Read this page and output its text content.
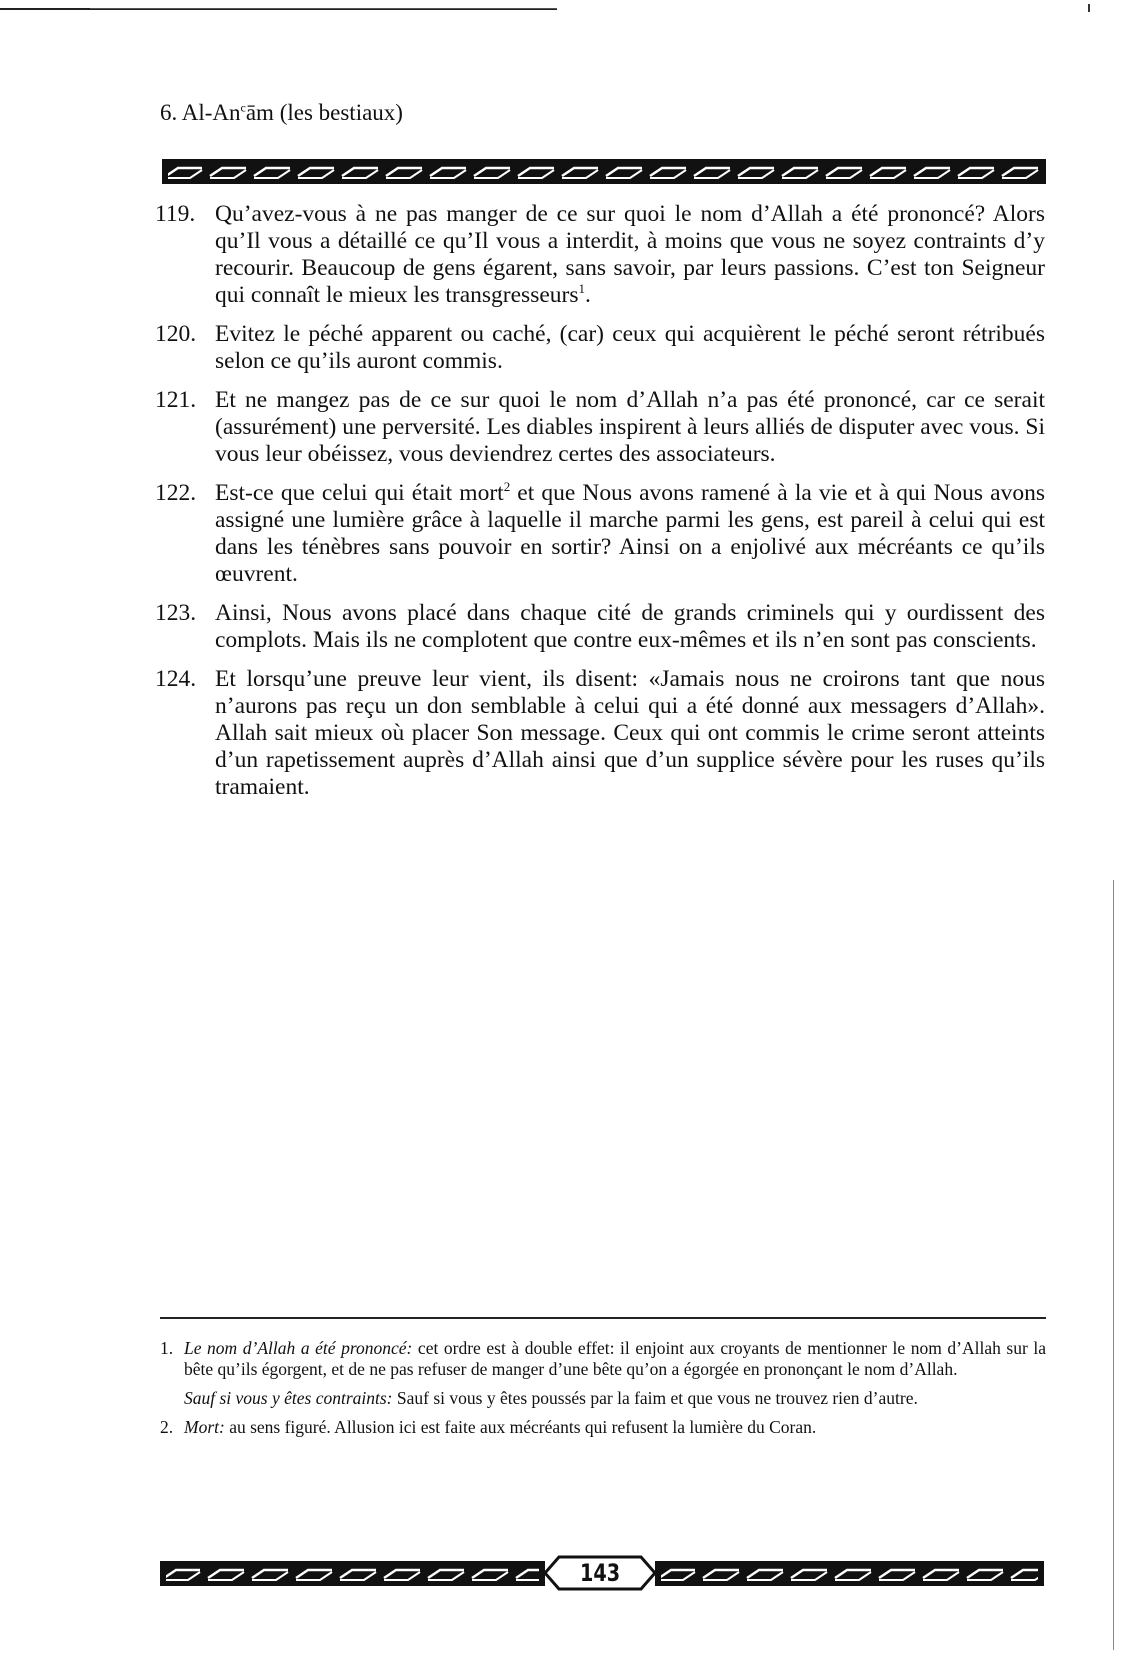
6. Al-An$^c$ām (les bestiaux)
119. Qu’avez-vous à ne pas manger de ce sur quoi le nom d’Allah a été prononcé? Alors qu’Il vous a détaillé ce qu’Il vous a interdit, à moins que vous ne soyez contraints d’y recourir. Beaucoup de gens égarent, sans savoir, par leurs passions. C’est ton Seigneur qui connaît le mieux les transgresseurs$^1$.
120. Evitez le péché apparent ou caché, (car) ceux qui acquièrent le péché seront rétribués selon ce qu’ils auront commis.
121. Et ne mangez pas de ce sur quoi le nom d’Allah n’a pas été prononcé, car ce serait (assurément) une perversité. Les diables inspirent à leurs alliés de disputer avec vous. Si vous leur obéissez, vous deviendrez certes des associateurs.
122. Est-ce que celui qui était mort$^2$ et que Nous avons ramené à la vie et à qui Nous avons assigné une lumière grâce à laquelle il marche parmi les gens, est pareil à celui qui est dans les ténèbres sans pouvoir en sortir? Ainsi on a enjolivé aux mécréants ce qu’ils œuvrent.
123. Ainsi, Nous avons placé dans chaque cité de grands criminels qui y ourdissent des complots. Mais ils ne complotent que contre eux-mêmes et ils n’en sont pas conscients.
124. Et lorsqu’une preuve leur vient, ils disent: «Jamais nous ne croirons tant que nous n’aurons pas reçu un don semblable à celui qui a été donné aux messagers d’Allah». Allah sait mieux où placer Son message. Ceux qui ont commis le crime seront atteints d’un rapetissement auprès d’Allah ainsi que d’un supplice sévère pour les ruses qu’ils tramaient.
1. Le nom d’Allah a été prononcé: cet ordre est à double effet: il enjoint aux croyants de mentionner le nom d’Allah sur la bête qu’ils égorgent, et de ne pas refuser de manger d’une bête qu’on a égorgée en prononçant le nom d’Allah.
Sauf si vous y êtes contraints: Sauf si vous y êtes poussés par la faim et que vous ne trouvez rien d’autre.
2. Mort: au sens figuré. Allusion ici est faite aux mécréants qui refusent la lumière du Coran.
143
